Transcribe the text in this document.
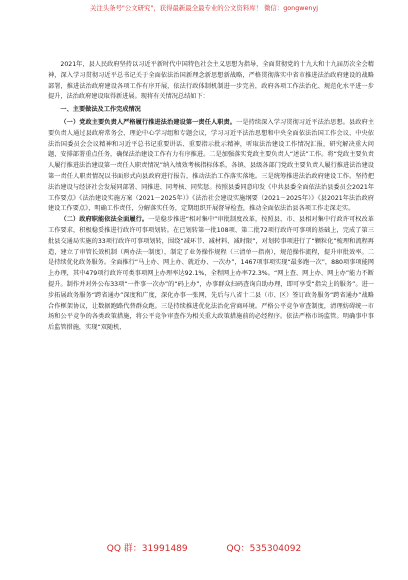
关注头条号"公文研究"，获得最新最全最专业的公文资料库！ 微信：gongwenyj

2021年，县人民政府坚持以习近平新时代中国特色社会主义思想为指导，全面贯彻党的十九大和十九届历次全会精神，深入学习贯彻习近平总书记关于全面依法治国新理念新思想新战略，严格贯彻落实中省市推进法治政府建设的战略部署，推进法治政府建设各项工作有序开展，依法行政体制机制进一步完善，政府各项工作法治化、规范化水平进一步提升，法治政府建设取得新进展。现将有关情况总结如下：

一、主要做法及工作完成情况

（一）党政主要负责人严格履行推进法治建设第一责任人职责。一是持续深入学习贯彻习近平法治思想。县政府主要负责人通过县政府常务会、理论中心学习组和专题会议，学习习近平法治思想和中央全面依法治国工作会议、中央依法治国委员会会议精神和习近平总书记重要讲话、重要指示批示精神，听取法治建设工作情况汇报，研究解决重大问题，安排部署重点任务，确保法治建设工作有力有序推进。二是加强落实党政主要负责人“述法”工作。将“党政主要负责人履行推进法治建设第一责任人职责情况”纳入绩效考核指标体系，各镇、县级各部门党政主要负责人履行推进法治建设第一责任人职责情况以书面形式向县政府进行报告，推动法治工作落实落地。三是统筹推进法治政府建设工作。坚持把法治建设与经济社会发展同部署、同推进、同考核、同奖惩。按照县委同意印发《中共县委全面依法治县委员会2021年工作要点》《法治建设实施方案（2021－2025年）》《法治社会建设实施纲要（2021－2025年）》《县2021年法治政府建设工作要点》，明确工作责任，分解落实任务，定期组织开展督导检查，推动全面依法治县各项工作走深走实。

（二）政府职能依法全面履行。一是稳步推进“相对集中”审批制度改革，按照县、市、县相对集中行政许可权改革工作要求，积极稳妥推进行政许可事项划转。在已划转第一批108项、第二批72项行政许可事项的基础上，完成了第三批县交通局实施的33项行政许可事项划转，围绕“减环节、减材料、减时限”，对划转事项进行了“颗粒化”梳理和流程再造，建立了审管长效机制（两办法一制度），制定了业务操作规程（三清单一指南），规范操作流程，提升审批效率。二是持续优化政务服务。全面推行“马上办、网上办、就近办、一次办”，1467项事项实现“最多跑一次”，880项事项能网上办理，其中479项行政许可类事项网上办理率达92.1%，全程网上办率72.3%。“网上查、网上办、网上办”能力不断提升。制作并对外公布33项“一件事一次办”的“码上办”，办事群众扫码查询自助办理，即可享受“指尖上的服务”。进一步拓展政务服务“跨省通办”深度和广度，深化办事一张网，先后与八省十二县（市、区）签订政务服务“跨省通办”战略合作框架协议，让数据跑路代替群众跑。三是持续推进优化法治化营商环境。严格公平竞争审查制度，清理妨碍统一市场和公平竞争的各类政策措施，将公平竞争审查作为相关重大政策措施前的必经程序。依法严格市场监管。明确事中事后监管措施，实现“双随机、

QQ 群：31991489	QQ：535304092
